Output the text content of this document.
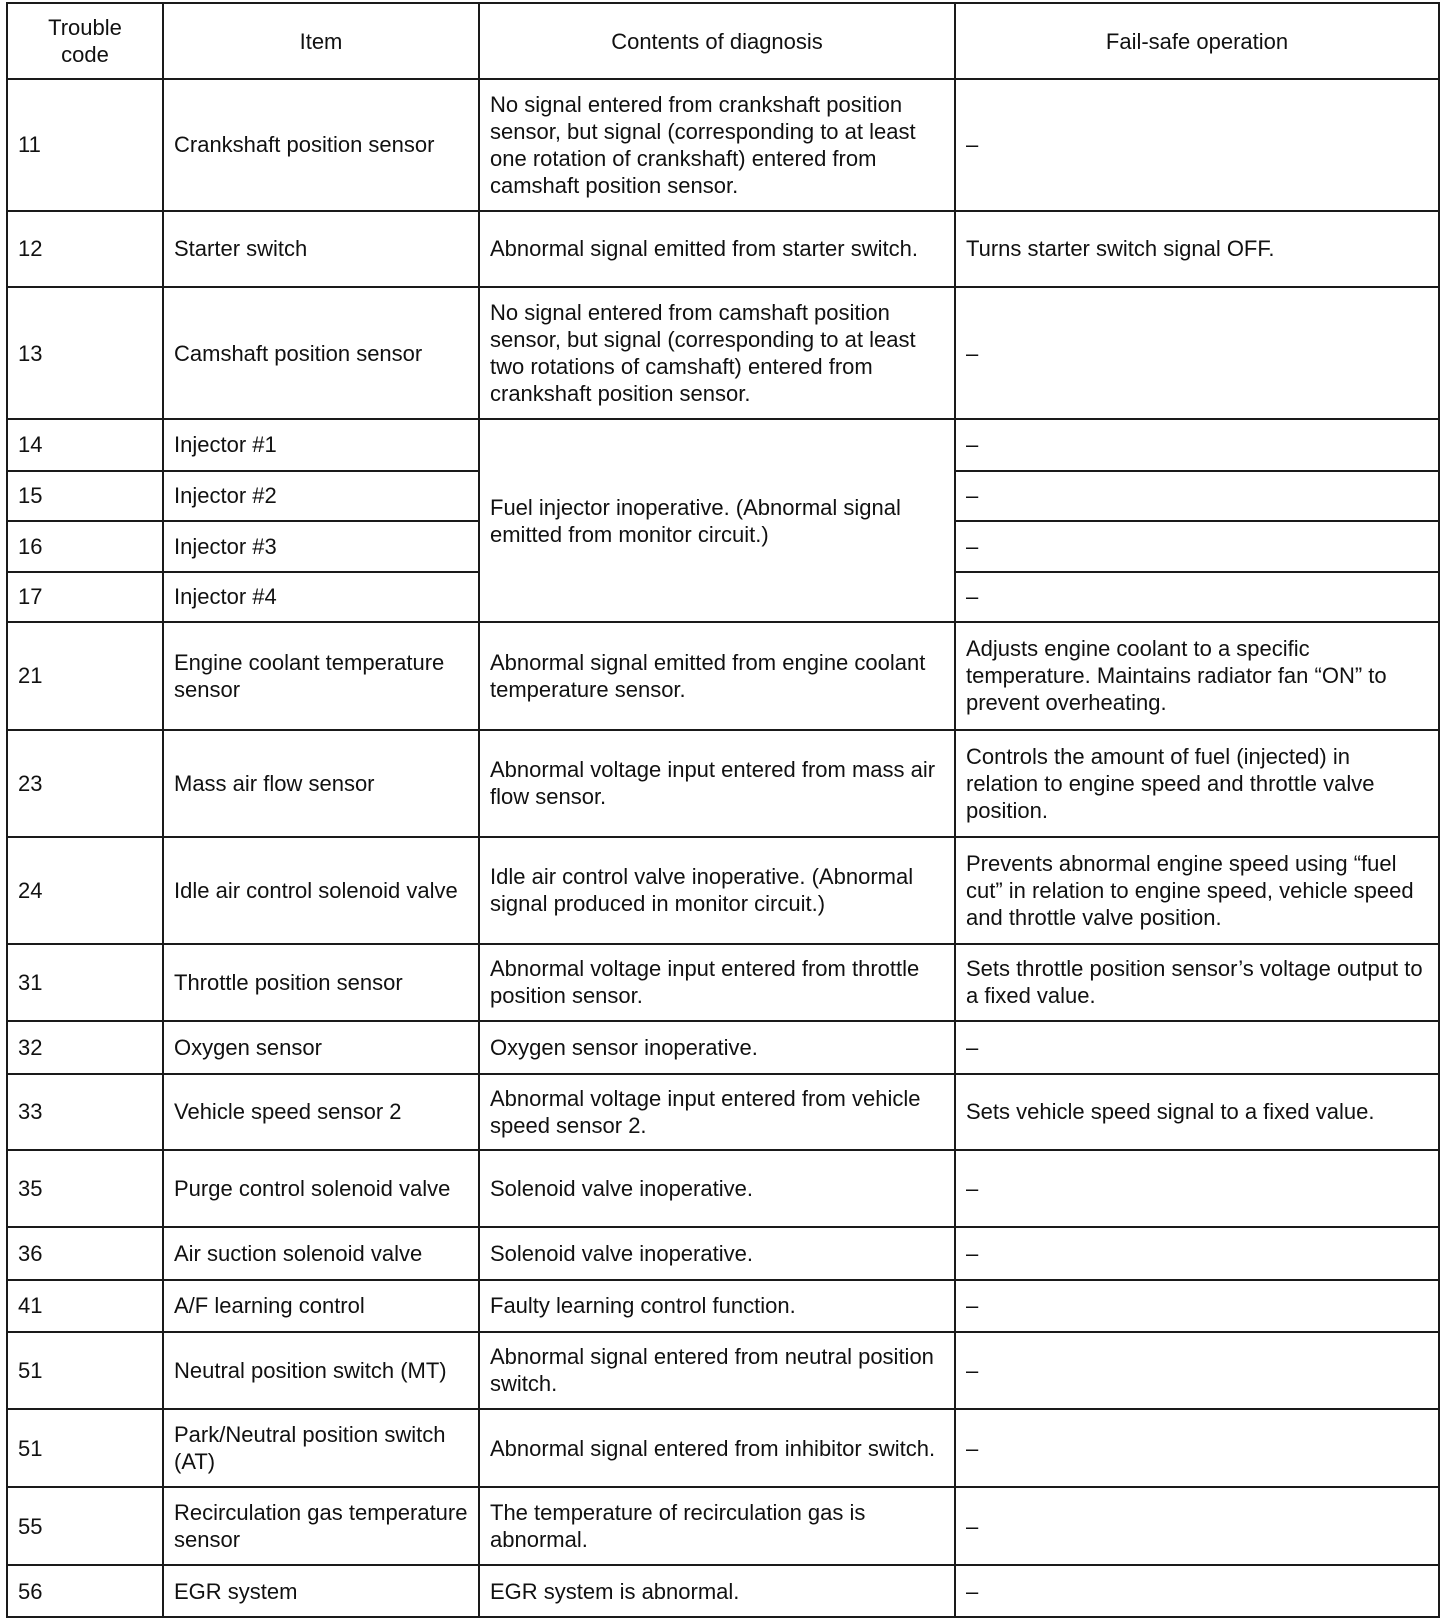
Trouble code	Item	Contents of diagnosis	Fail-safe operation
11	Crankshaft position sensor	No signal entered from crankshaft position sensor, but signal (corresponding to at least one rotation of crankshaft) entered from camshaft position sensor.	–
12	Starter switch	Abnormal signal emitted from starter switch.	Turns starter switch signal OFF.
13	Camshaft position sensor	No signal entered from camshaft position sensor, but signal (corresponding to at least two rotations of camshaft) entered from crankshaft position sensor.	–
14	Injector #1	Fuel injector inoperative. (Abnormal signal emitted from monitor circuit.)	–
15	Injector #2		–
16	Injector #3		–
17	Injector #4		–
21	Engine coolant temperature sensor	Abnormal signal emitted from engine coolant temperature sensor.	Adjusts engine coolant to a specific temperature. Maintains radiator fan “ON” to prevent overheating.
23	Mass air flow sensor	Abnormal voltage input entered from mass air flow sensor.	Controls the amount of fuel (injected) in relation to engine speed and throttle valve position.
24	Idle air control solenoid valve	Idle air control valve inoperative. (Abnormal signal produced in monitor circuit.)	Prevents abnormal engine speed using “fuel cut” in relation to engine speed, vehicle speed and throttle valve position.
31	Throttle position sensor	Abnormal voltage input entered from throttle position sensor.	Sets throttle position sensor’s voltage output to a fixed value.
32	Oxygen sensor	Oxygen sensor inoperative.	–
33	Vehicle speed sensor 2	Abnormal voltage input entered from vehicle speed sensor 2.	Sets vehicle speed signal to a fixed value.
35	Purge control solenoid valve	Solenoid valve inoperative.	–
36	Air suction solenoid valve	Solenoid valve inoperative.	–
41	A/F learning control	Faulty learning control function.	–
51	Neutral position switch (MT)	Abnormal signal entered from neutral position switch.	–
51	Park/Neutral position switch (AT)	Abnormal signal entered from inhibitor switch.	–
55	Recirculation gas temperature sensor	The temperature of recirculation gas is abnormal.	–
56	EGR system	EGR system is abnormal.	–
